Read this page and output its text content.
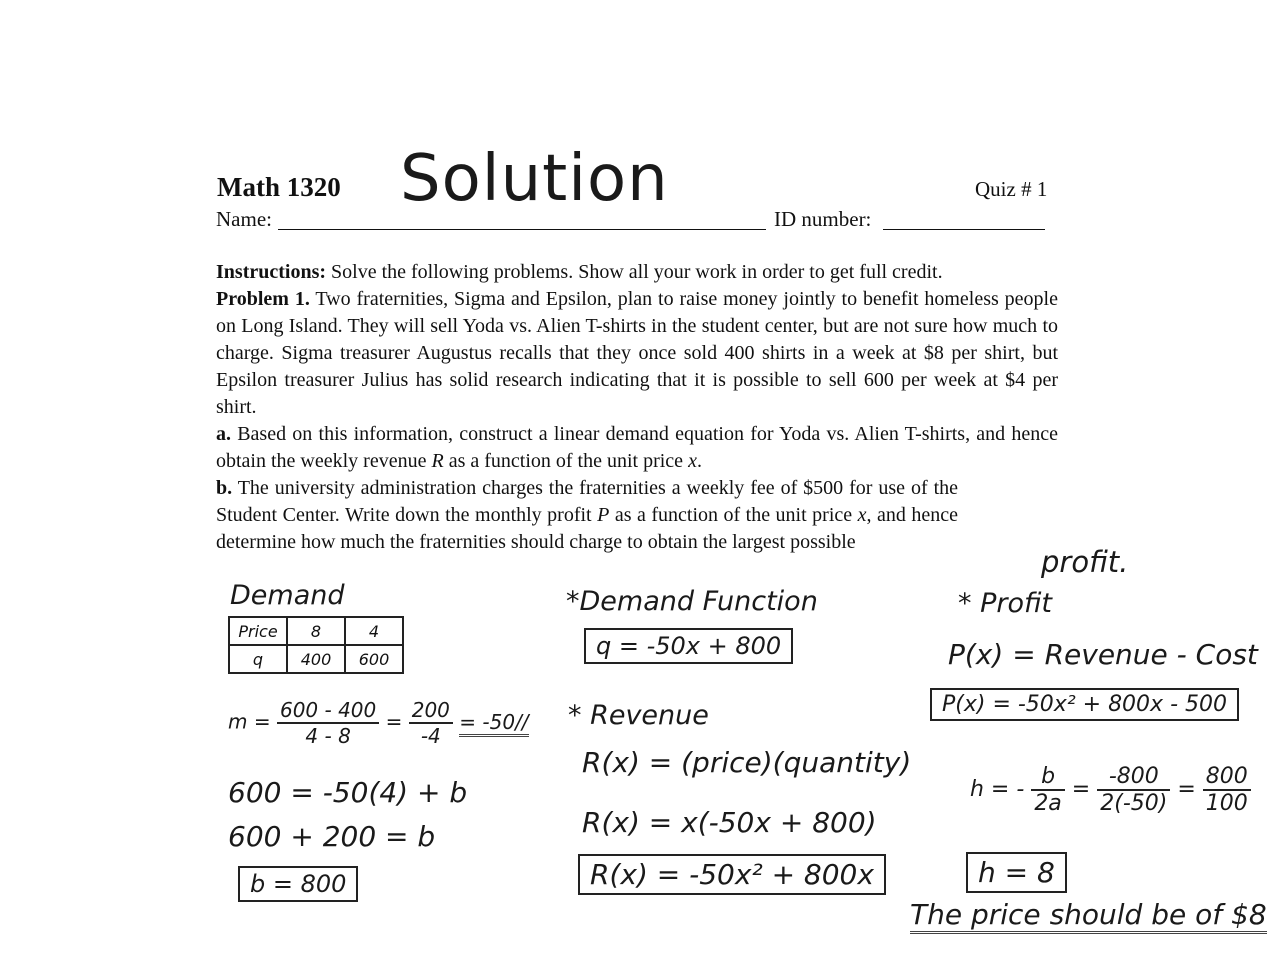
Math 1320	Quiz # 1
Name:
Solution
ID number:

Instructions: Solve the following problems. Show all your work in order to get full credit.

Problem 1. Two fraternities, Sigma and Epsilon, plan to raise money jointly to benefit homeless people on Long Island. They will sell Yoda vs. Alien T-shirts in the student center, but are not sure how much to charge. Sigma treasurer Augustus recalls that they once sold 400 shirts in a week at $8 per shirt, but Epsilon treasurer Julius has solid research indicating that it is possible to sell 600 per week at $4 per shirt.

a. Based on this information, construct a linear demand equation for Yoda vs. Alien T-shirts, and hence obtain the weekly revenue R as a function of the unit price x.

b. The university administration charges the fraternities a weekly fee of $500 for use of the Student Center. Write down the monthly profit P as a function of the unit price x, and hence determine how much the fraternities should charge to obtain the largest possible

profit.
Demand
Price	8	4
q	400	600
$m = \frac{600 - 400}{4 - 8} = \frac{200}{-4} = -50//$
600 = -50(4) + b
600 + 200 = b
b = 800
*Demand Function
q = -50x + 800
* Revenue
R(x) = (price)(quantity)
R(x) = x(-50x + 800)
R(x) = -50x² + 800x
* Profit
P(x) = Revenue - Cost
P(x) = -50x² + 800x - 500
h = - $\frac{b}{2a} = \frac{-800}{2(-50)} = \frac{800}{100}$
h = 8
The price should be of $8
